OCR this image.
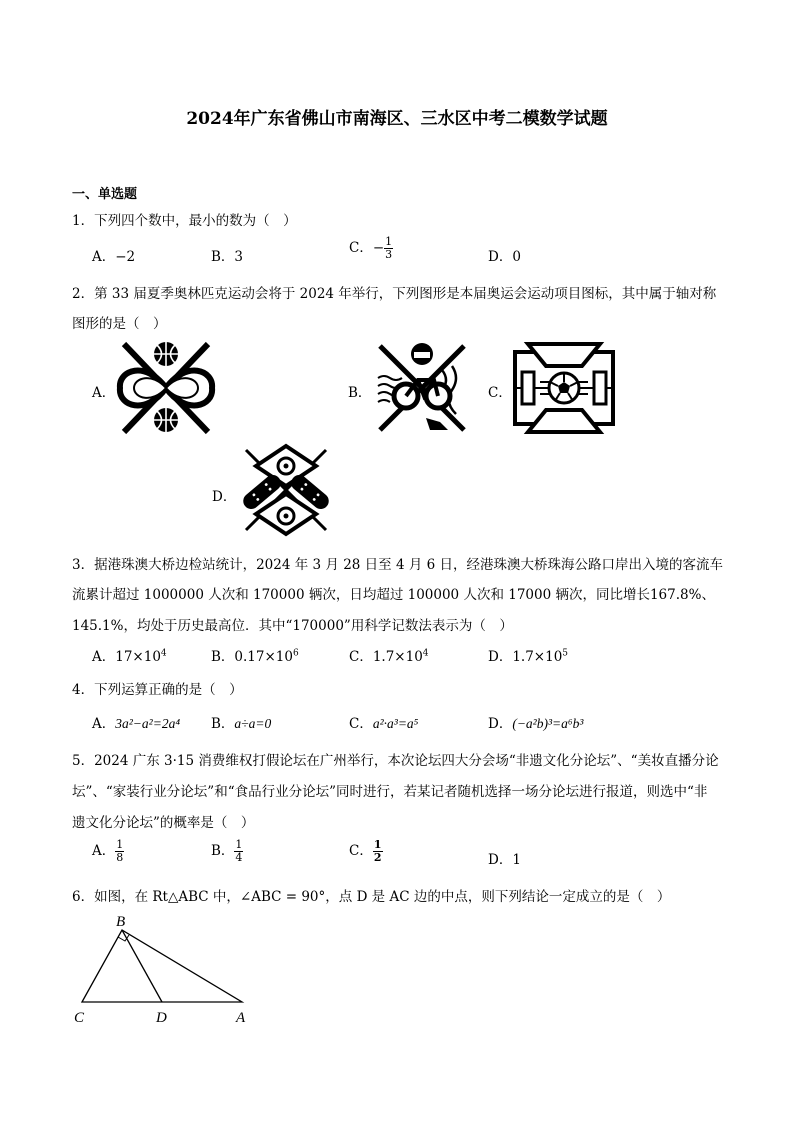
2024年广东省佛山市南海区、三水区中考二模数学试题
一、单选题
1．下列四个数中，最小的数为（　）
A．−2	B．3
C．− $\frac{1}{3}$	D．0
2．第 33 届夏季奥林匹克运动会将于 2024 年举行，下列图形是本届奥运会运动项目图标，其中属于轴对称
图形的是（　）
A．	B．	C．
D．
3．据港珠澳大桥边检站统计，2024 年 3 月 28 日至 4 月 6 日，经港珠澳大桥珠海公路口岸出入境的客流车
流累计超过 1000000 人次和 170000 辆次，日均超过 100000 人次和 17000 辆次，同比增长167.8%、
145.1%，均处于历史最高位．其中“170000”用科学记数法表示为（　）
A．$17\times 10^4$	B．$0.17\times 10^6$	C．$1.7\times 10^4$	D．$1.7\times 10^5$
4．下列运算正确的是（　）
A．3a²−a²=2a⁴ B．a÷a=0	C．a²·a³=a⁵	D．(−a²b)³=a⁶b³
5．2024 广东 3·15 消费维权打假论坛在广州举行，本次论坛四大分会场“非遗文化分论坛”、“美妆直播分论
坛”、“家装行业分论坛”和“食品行业分论坛”同时进行，若某记者随机选择一场分论坛进行报道，则选中“非
遗文化分论坛”的概率是（　）
A． $\frac{1}{8}$	B． $\frac{1}{4}$	C． $\frac{1}{2}$	D．1
6．如图，在 Rt△ABC 中，∠ABC = 90°，点 D 是 AC 边的中点，则下列结论一定成立的是（　）
B
C	D	A
